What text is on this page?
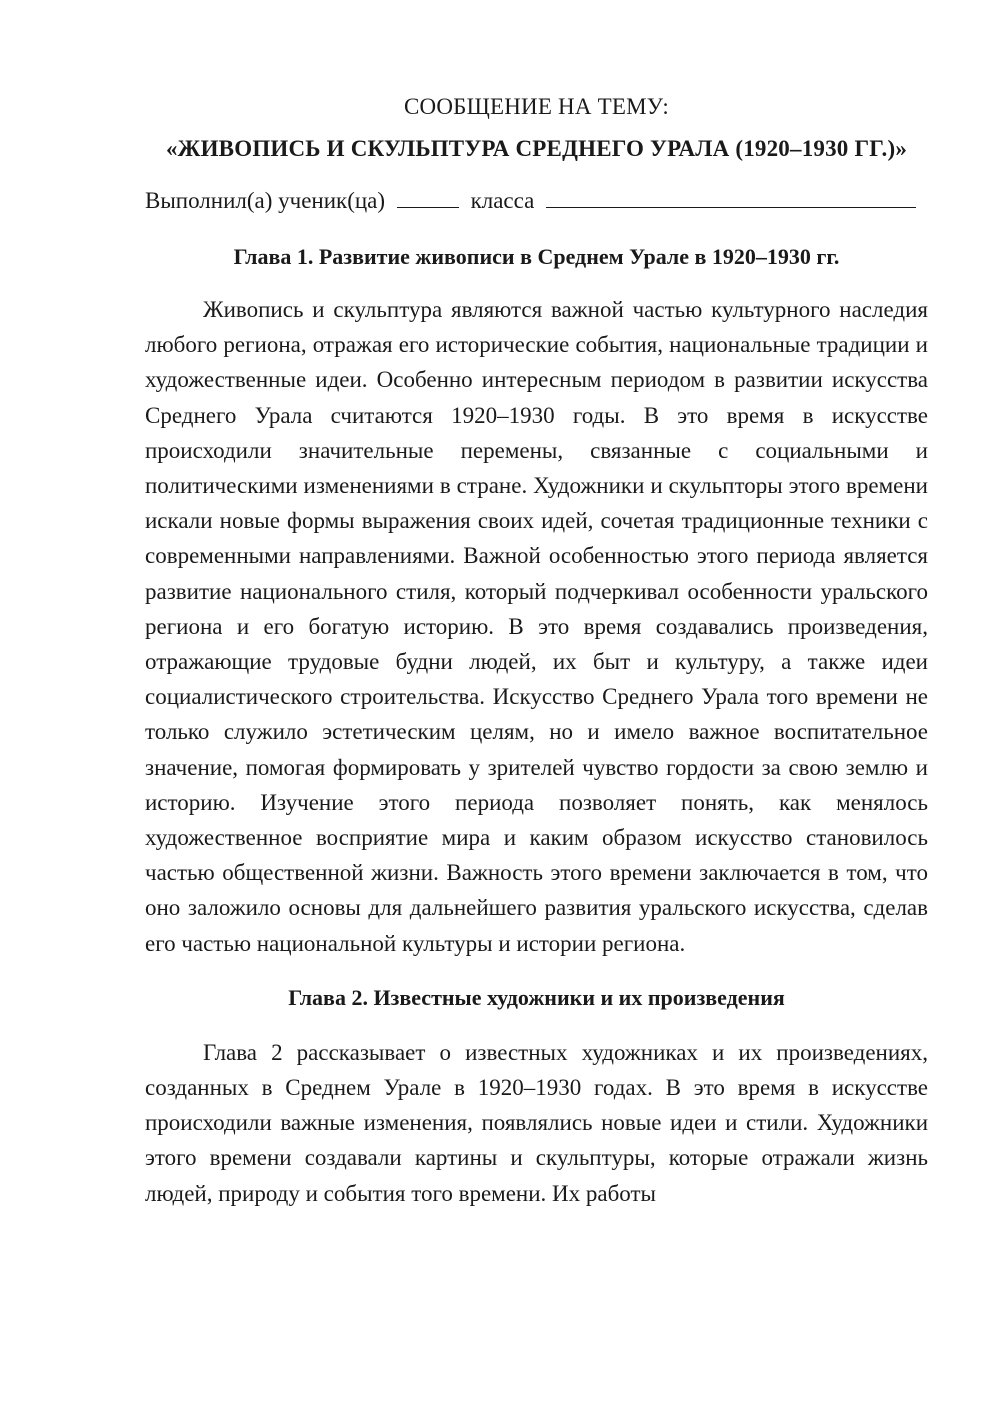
СООБЩЕНИЕ НА ТЕМУ:

«ЖИВОПИСЬ И СКУЛЬПТУРА СРЕДНЕГО УРАЛА (1920–1930 ГГ.)»

Выполнил(а) ученик(ца)	класса
Глава 1. Развитие живописи в Среднем Урале в 1920–1930 гг.

Живопись и скульптура являются важной частью культурного наследия любого региона, отражая его исторические события, национальные традиции и художественные идеи. Особенно интересным периодом в развитии искусства Среднего Урала считаются 1920–1930 годы. В это время в искусстве происходили значительные перемены, связанные с социальными и политическими изменениями в стране. Художники и скульпторы этого времени искали новые формы выражения своих идей, сочетая традиционные техники с современными направлениями. Важной особенностью этого периода является развитие национального стиля, который подчеркивал особенности уральского региона и его богатую историю. В это время создавались произведения, отражающие трудовые будни людей, их быт и культуру, а также идеи социалистического строительства. Искусство Среднего Урала того времени не только служило эстетическим целям, но и имело важное воспитательное значение, помогая формировать у зрителей чувство гордости за свою землю и историю. Изучение этого периода позволяет понять, как менялось художественное восприятие мира и каким образом искусство становилось частью общественной жизни. Важность этого времени заключается в том, что оно заложило основы для дальнейшего развития уральского искусства, сделав его частью национальной культуры и истории региона.

Глава 2. Известные художники и их произведения

Глава 2 рассказывает о известных художниках и их произведениях, созданных в Среднем Урале в 1920–1930 годах. В это время в искусстве происходили важные изменения, появлялись новые идеи и стили. Художники этого времени создавали картины и скульптуры, которые отражали жизнь людей, природу и события того времени. Их работы
